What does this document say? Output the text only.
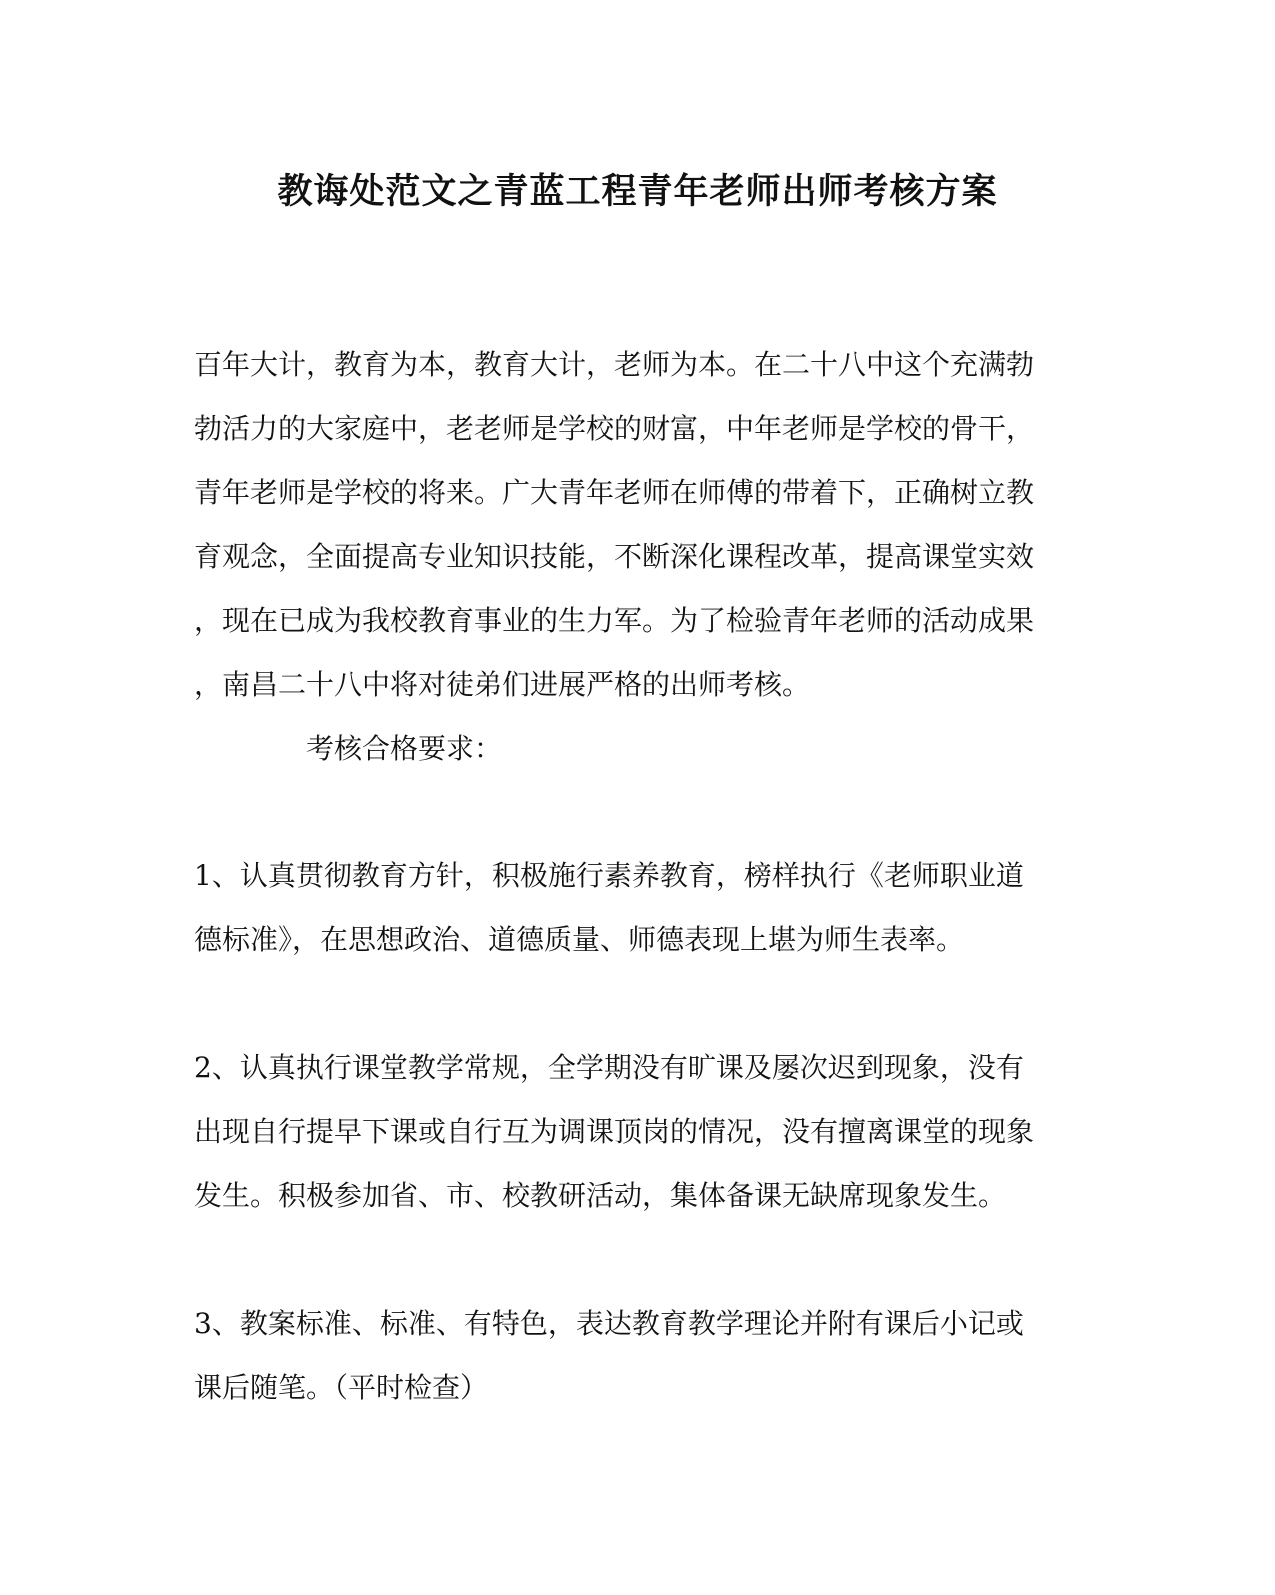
教诲处范文之青蓝工程青年老师出师考核方案

百年大计，教育为本，教育大计，老师为本。在二十八中这个充满勃

勃活力的大家庭中，老老师是学校的财富，中年老师是学校的骨干，

青年老师是学校的将来。广大青年老师在师傅的带着下，正确树立教

育观念，全面提高专业知识技能，不断深化课程改革，提高课堂实效

，现在已成为我校教育事业的生力军。为了检验青年老师的活动成果

，南昌二十八中将对徒弟们进展严格的出师考核。

考核合格要求：

1、认真贯彻教育方针，积极施行素养教育，榜样执行《老师职业道

德标准》，在思想政治、道德质量、师德表现上堪为师生表率。

2、认真执行课堂教学常规，全学期没有旷课及屡次迟到现象，没有

出现自行提早下课或自行互为调课顶岗的情况，没有擅离课堂的现象

发生。积极参加省、市、校教研活动，集体备课无缺席现象发生。

3、教案标准、标准、有特色，表达教育教学理论并附有课后小记或

课后随笔。（平时检查）
